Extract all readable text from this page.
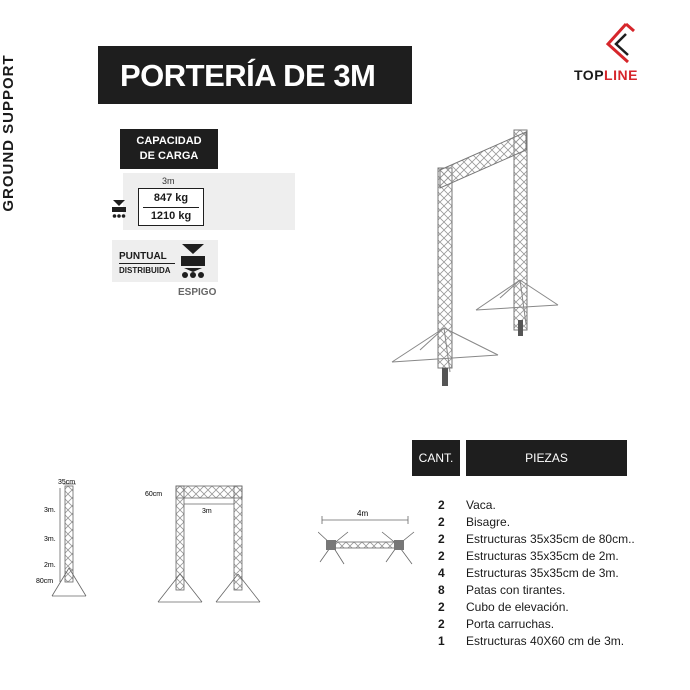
GROUND SUPPORT	PORTERÍA DE 3M	TOPLINE
CAPACIDAD
DE CARGA
3m
847 kg
1210 kg
PUNTUAL
DISTRIBUIDA
ESPIGO
35cm
3m.
3m.
2m.
80cm
60cm
3m	4m
CANT.	PIEZAS
2	Vaca.
2	Bisagre.
2	Estructuras 35x35cm de 80cm..
2	Estructuras 35x35cm de 2m.
4	Estructuras 35x35cm de 3m.
8	Patas con tirantes.
2	Cubo de elevación.
2	Porta carruchas.
1	Estructuras 40X60 cm de 3m.
